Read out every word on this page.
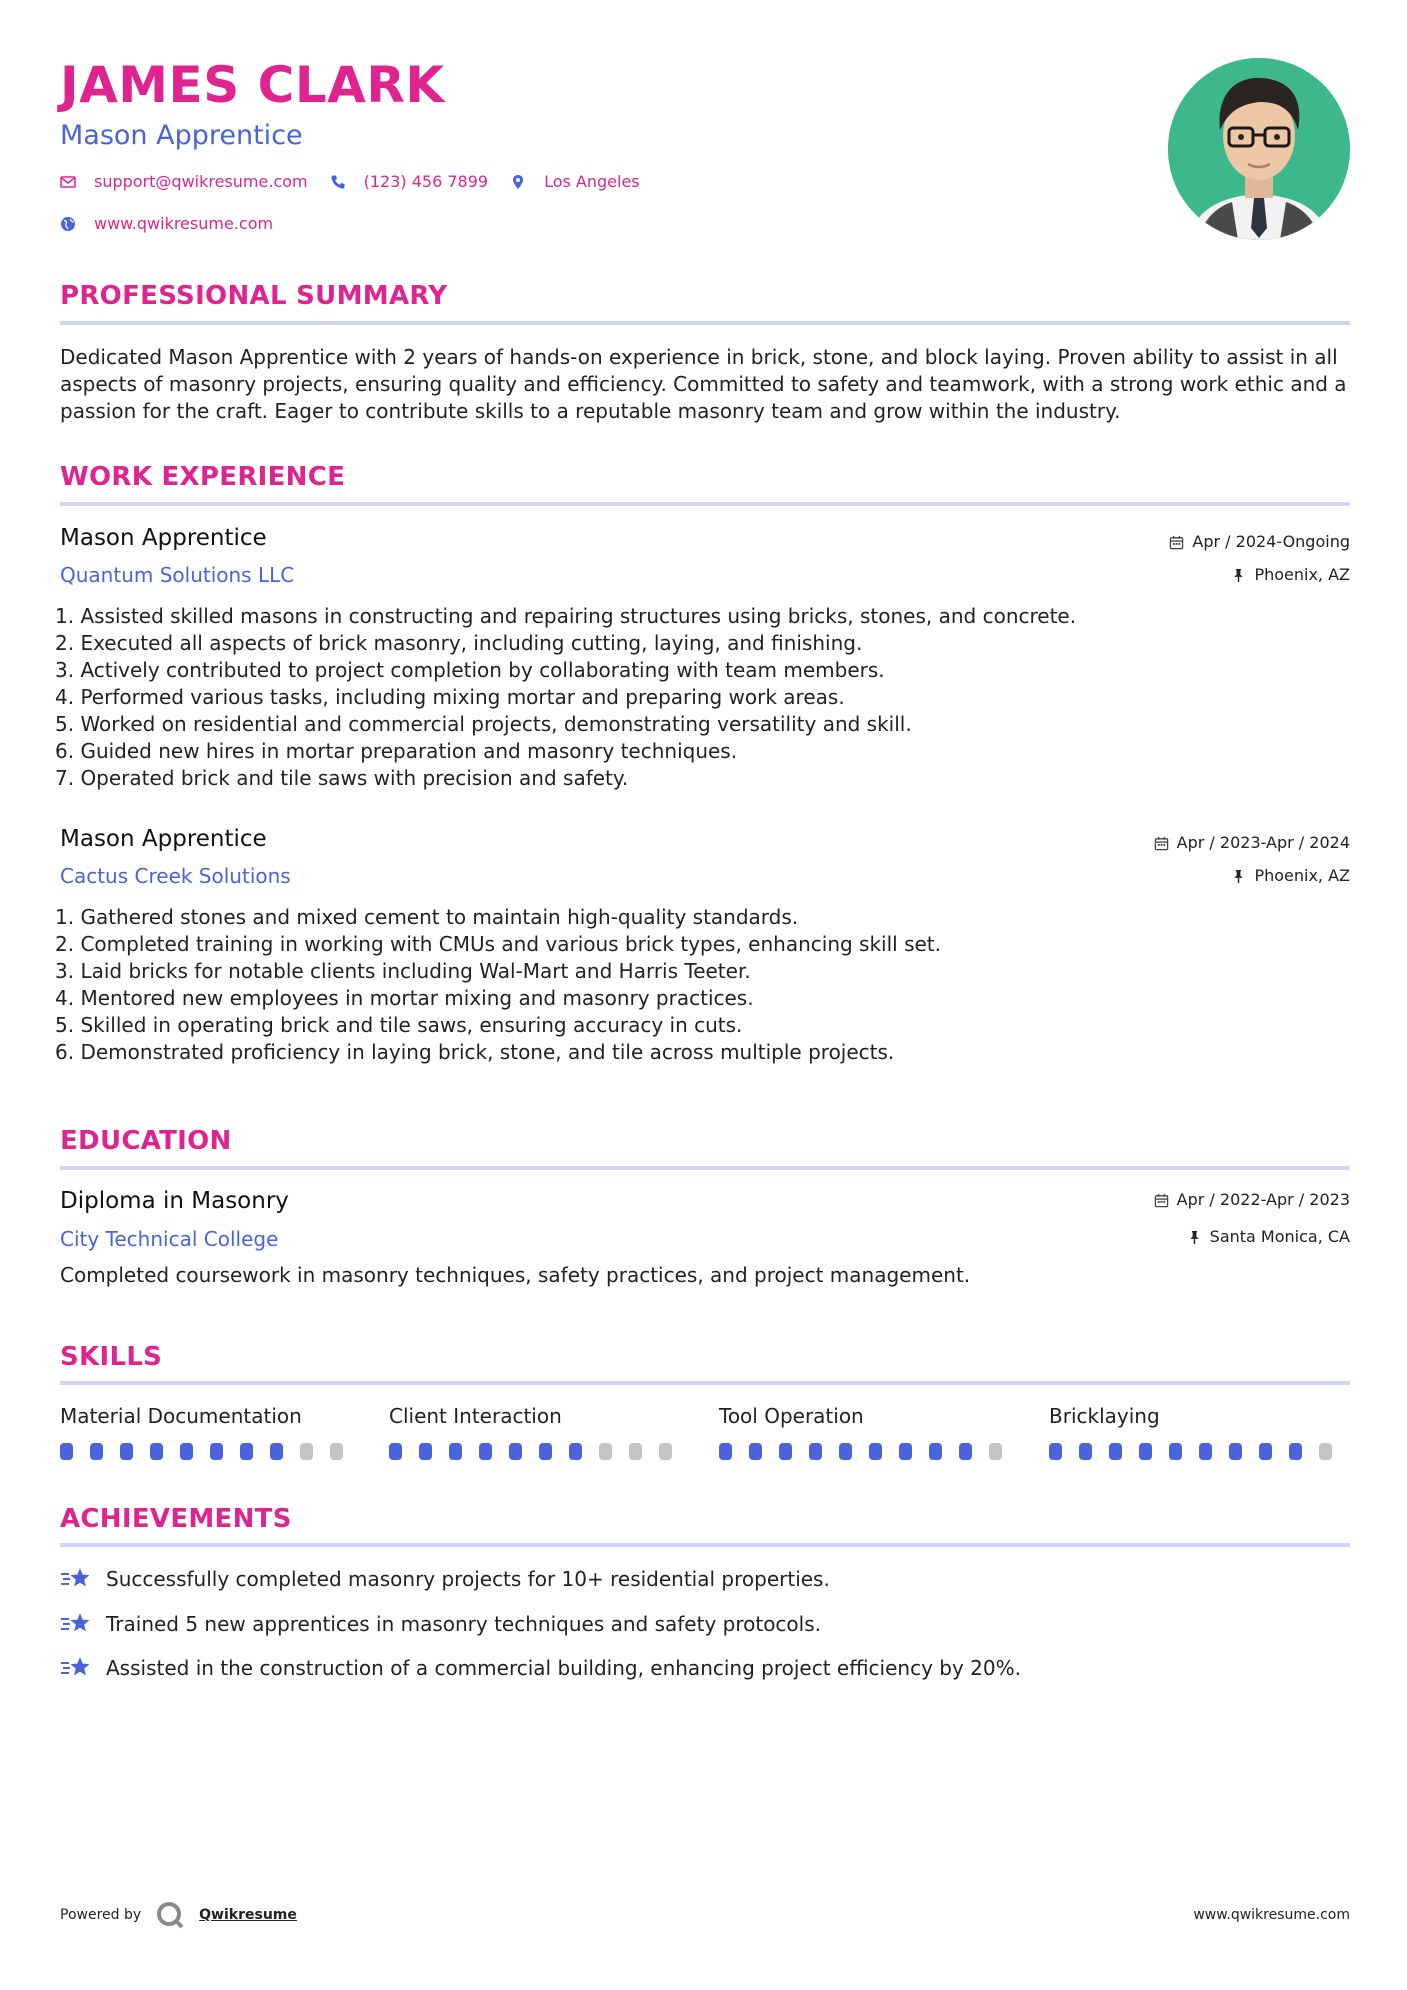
JAMES CLARK
Mason Apprentice
support@qwikresume.com	(123) 456 7899	Los Angeles
www.qwikresume.com
PROFESSIONAL SUMMARY
Dedicated Mason Apprentice with 2 years of hands-on experience in brick, stone, and block laying. Proven ability to assist in all aspects of masonry projects, ensuring quality and efficiency. Committed to safety and teamwork, with a strong work ethic and a passion for the craft. Eager to contribute skills to a reputable masonry team and grow within the industry.
WORK EXPERIENCE
Mason Apprentice
Quantum Solutions LLC
Apr / 2024-Ongoing
Phoenix, AZ
1. Assisted skilled masons in constructing and repairing structures using bricks, stones, and concrete.
2. Executed all aspects of brick masonry, including cutting, laying, and finishing.
3. Actively contributed to project completion by collaborating with team members.
4. Performed various tasks, including mixing mortar and preparing work areas.
5. Worked on residential and commercial projects, demonstrating versatility and skill.
6. Guided new hires in mortar preparation and masonry techniques.
7. Operated brick and tile saws with precision and safety.
Mason Apprentice
Cactus Creek Solutions
Apr / 2023-Apr / 2024
Phoenix, AZ
1. Gathered stones and mixed cement to maintain high-quality standards.
2. Completed training in working with CMUs and various brick types, enhancing skill set.
3. Laid bricks for notable clients including Wal-Mart and Harris Teeter.
4. Mentored new employees in mortar mixing and masonry practices.
5. Skilled in operating brick and tile saws, ensuring accuracy in cuts.
6. Demonstrated proficiency in laying brick, stone, and tile across multiple projects.
EDUCATION
Diploma in Masonry
City Technical College
Apr / 2022-Apr / 2023
Santa Monica, CA
Completed coursework in masonry techniques, safety practices, and project management.
SKILLS
Material Documentation	Client Interaction	Tool Operation	Bricklaying
ACHIEVEMENTS
Successfully completed masonry projects for 10+ residential properties.
Trained 5 new apprentices in masonry techniques and safety protocols.
Assisted in the construction of a commercial building, enhancing project efficiency by 20%.
Powered by	Qwikresume	www.qwikresume.com
